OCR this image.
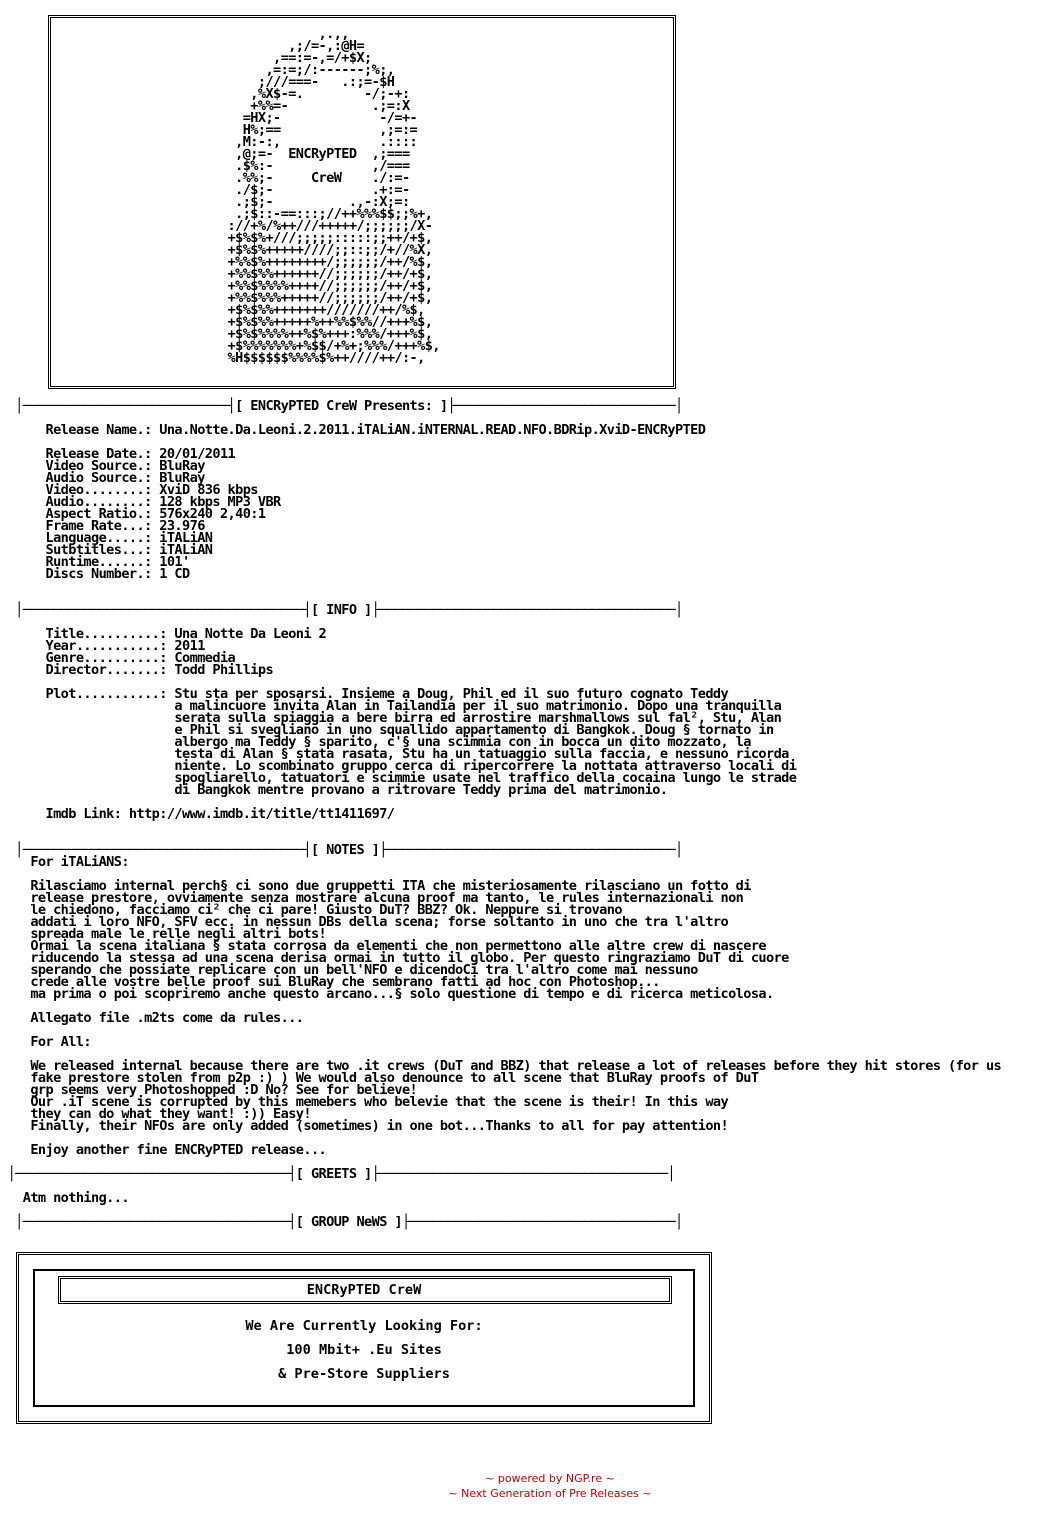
,.,,
,;/=-,:@H=
,==:=-,=/+$X;
,=:=;/:------;%;,
;///===-   .:;=-$H
,%X$-=.        -/;-+:
+%%=-           .;=:X
=HX;-             -/=+-
H%;==             ,;=:=
,M:-:,             .::::
,@;=-  ENCRyPTED  ,;===
.$%:-             ,/===
.%%;-     CreW    ./:=-
./$;-             .+:=-
.;$;-          .,-:X;=:
.;$::-==:::;//++%%%$$;;%+,
://+%/%++///+++++/;;;;;;/X-
+$%$%+///;;;;;:::::;;++/+$,
+$%$%+++++////;;::;;/+//%X,
+%%$%++++++++/;;;;;;/++/%$,
+%%$%%++++++//;;;;;;/++/+$,
+%%$%%%%++++//;;;;;;/++/+$,
+%%$%%%+++++//;;;;;;/++/+$,
+$%$%%+++++++///////++/%$,
+$%$%%+++++%++%%$%%//+++%$,
+$%$%%%%++%$%+++:%%%/+++%$,
+$%%%%%%%+%$$/+%+;%%%/+++%$,
%H$$$$$$%%%%$%++////++/:-,
│───────────────────────────┤[ ENCRyPTED CreW Presents: ]├─────────────────────────────│
Release Name.: Una.Notte.Da.Leoni.2.2011.iTALiAN.iNTERNAL.READ.NFO.BDRip.XviD-ENCRyPTED
Release Date.: 20/01/2011
Video Source.: BluRay
Audio Source.: BluRay
Video........: XviD 836 kbps
Audio........: 128 kbps MP3 VBR
Aspect Ratio.: 576x240 2,40:1
Frame Rate...: 23.976
Language.....: iTALiAN
Sutbtitles...: iTALiAN
Runtime......: 101'
Discs Number.: 1 CD
│─────────────────────────────────────┤[ INFO ]├───────────────────────────────────────│
Title..........: Una Notte Da Leoni 2
Year...........: 2011
Genre..........: Commedia
Director.......: Todd Phillips
Plot...........: Stu sta per sposarsi. Insieme a Doug, Phil ed il suo futuro cognato Teddy
a malincuore invita Alan in Tailandia per il suo matrimonio. Dopo una tranquilla
serata sulla spiaggia a bere birra ed arrostire marshmallows sul fal², Stu, Alan
e Phil si svegliano in uno squallido appartamento di Bangkok. Doug § tornato in
albergo ma Teddy § sparito, c'§ una scimmia con in bocca un dito mozzato, la
testa di Alan § stata rasata, Stu ha un tatuaggio sulla faccia, e nessuno ricorda
niente. Lo scombinato gruppo cerca di ripercorrere la nottata attraverso locali di
spogliarello, tatuatori e scimmie usate nel traffico della cocaina lungo le strade
di Bangkok mentre provano a ritrovare Teddy prima del matrimonio.
Imdb Link: http://www.imdb.it/title/tt1411697/
│─────────────────────────────────────┤[ NOTES ]├──────────────────────────────────────│
For iTALiANS:
Rilasciamo internal perch§ ci sono due gruppetti ITA che misteriosamente rilasciano un fotto di
release prestore, ovviamente senza mostrare alcuna proof ma tanto, le rules internazionali non
le chiedono, facciamo ci² che ci pare! Giusto DuT? BBZ? Ok. Neppure si trovano
addati i loro NFO, SFV ecc. in nessun DBs della scena; forse soltanto in uno che tra l'altro
spreada male le relle negli altri bots!
Ormai la scena italiana § stata corrosa da elementi che non permettono alle altre crew di nascere
riducendo la stessa ad una scena derisa ormai in tutto il globo. Per questo ringraziamo DuT di cuore
sperando che possiate replicare con un bell'NFO e dicendoCi tra l'altro come mai nessuno
crede alle vostre belle proof sui BluRay che sembrano fatti ad hoc con Photoshop...
ma prima o poi scopriremo anche questo arcano...§ solo questione di tempo e di ricerca meticolosa.
Allegato file .m2ts come da rules...
For All:
We released internal because there are two .it crews (DuT and BBZ) that release a lot of releases before they hit stores (for us
fake prestore stolen from p2p :) ) We would also denounce to all scene that BluRay proofs of DuT
grp seems very Photoshopped :D No? See for believe!
Our .iT scene is corrupted by this memebers who belevie that the scene is their! In this way
they can do what they want! :)) Easy!
Finally, their NFOs are only added (sometimes) in one bot...Thanks to all for pay attention!
Enjoy another fine ENCRyPTED release...
│────────────────────────────────────┤[ GREETS ]├──────────────────────────────────────│
Atm nothing...
│───────────────────────────────────┤[ GROUP NeWS ]├───────────────────────────────────│
ENCRyPTED CreW
We Are Currently Looking For:
100 Mbit+ .Eu Sites
& Pre-Store Suppliers
~ powered by NGP.re ~
~ Next Generation of Pre Releases ~
